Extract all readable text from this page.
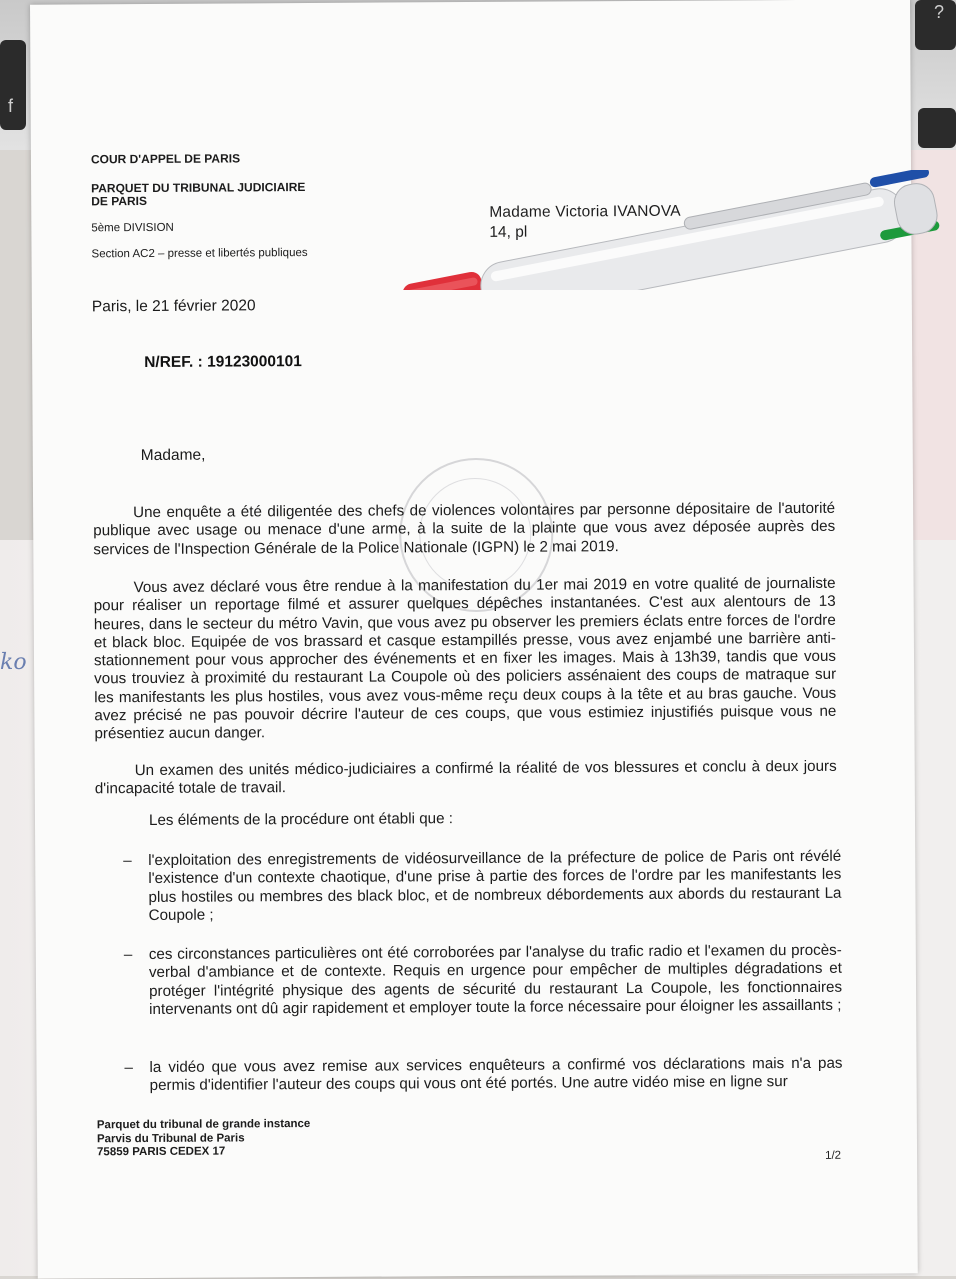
?
f
ko
COUR D'APPEL DE PARIS
PARQUET DU TRIBUNAL JUDICIAIRE
DE PARIS
5ème DIVISION
Section AC2 – presse et libertés publiques
Madame Victoria IVANOVA
14, pl
Paris, le 21 février 2020
N/REF. : 19123000101
Madame,

Une enquête a été diligentée des chefs de violences volontaires par personne dépositaire de l'autorité publique avec usage ou menace d'une arme, à la suite de la plainte que vous avez déposée auprès des services de l'Inspection Générale de la Police Nationale (IGPN) le 2 mai 2019.

Vous avez déclaré vous être rendue à la manifestation du 1er mai 2019 en votre qualité de journaliste pour réaliser un reportage filmé et assurer quelques dépêches instantanées. C'est aux alentours de 13 heures, dans le secteur du métro Vavin, que vous avez pu observer les premiers éclats entre forces de l'ordre et black bloc. Equipée de vos brassard et casque estampillés presse, vous avez enjambé une barrière anti-stationnement pour vous approcher des événements et en fixer les images. Mais à 13h39, tandis que vous vous trouviez à proximité du restaurant La Coupole où des policiers assénaient des coups de matraque sur les manifestants les plus hostiles, vous avez vous-même reçu deux coups à la tête et au bras gauche. Vous avez précisé ne pas pouvoir décrire l'auteur de ces coups, que vous estimiez injustifiés puisque vous ne présentiez aucun danger.

Un examen des unités médico-judiciaires a confirmé la réalité de vos blessures et conclu à deux jours d'incapacité totale de travail.

Les éléments de la procédure ont établi que :
– l'exploitation des enregistrements de vidéosurveillance de la préfecture de police de Paris ont révélé l'existence d'un contexte chaotique, d'une prise à partie des forces de l'ordre par les manifestants les plus hostiles ou membres des black bloc, et de nombreux débordements aux abords du restaurant La Coupole ;
– ces circonstances particulières ont été corroborées par l'analyse du trafic radio et l'examen du procès-verbal d'ambiance et de contexte. Requis en urgence pour empêcher de multiples dégradations et protéger l'intégrité physique des agents de sécurité du restaurant La Coupole, les fonctionnaires intervenants ont dû agir rapidement et employer toute la force nécessaire pour éloigner les assaillants ;
– la vidéo que vous avez remise aux services enquêteurs a confirmé vos déclarations mais n'a pas permis d'identifier l'auteur des coups qui vous ont été portés. Une autre vidéo mise en ligne sur
Parquet du tribunal de grande instance
Parvis du Tribunal de Paris
75859 PARIS CEDEX 17	1/2
